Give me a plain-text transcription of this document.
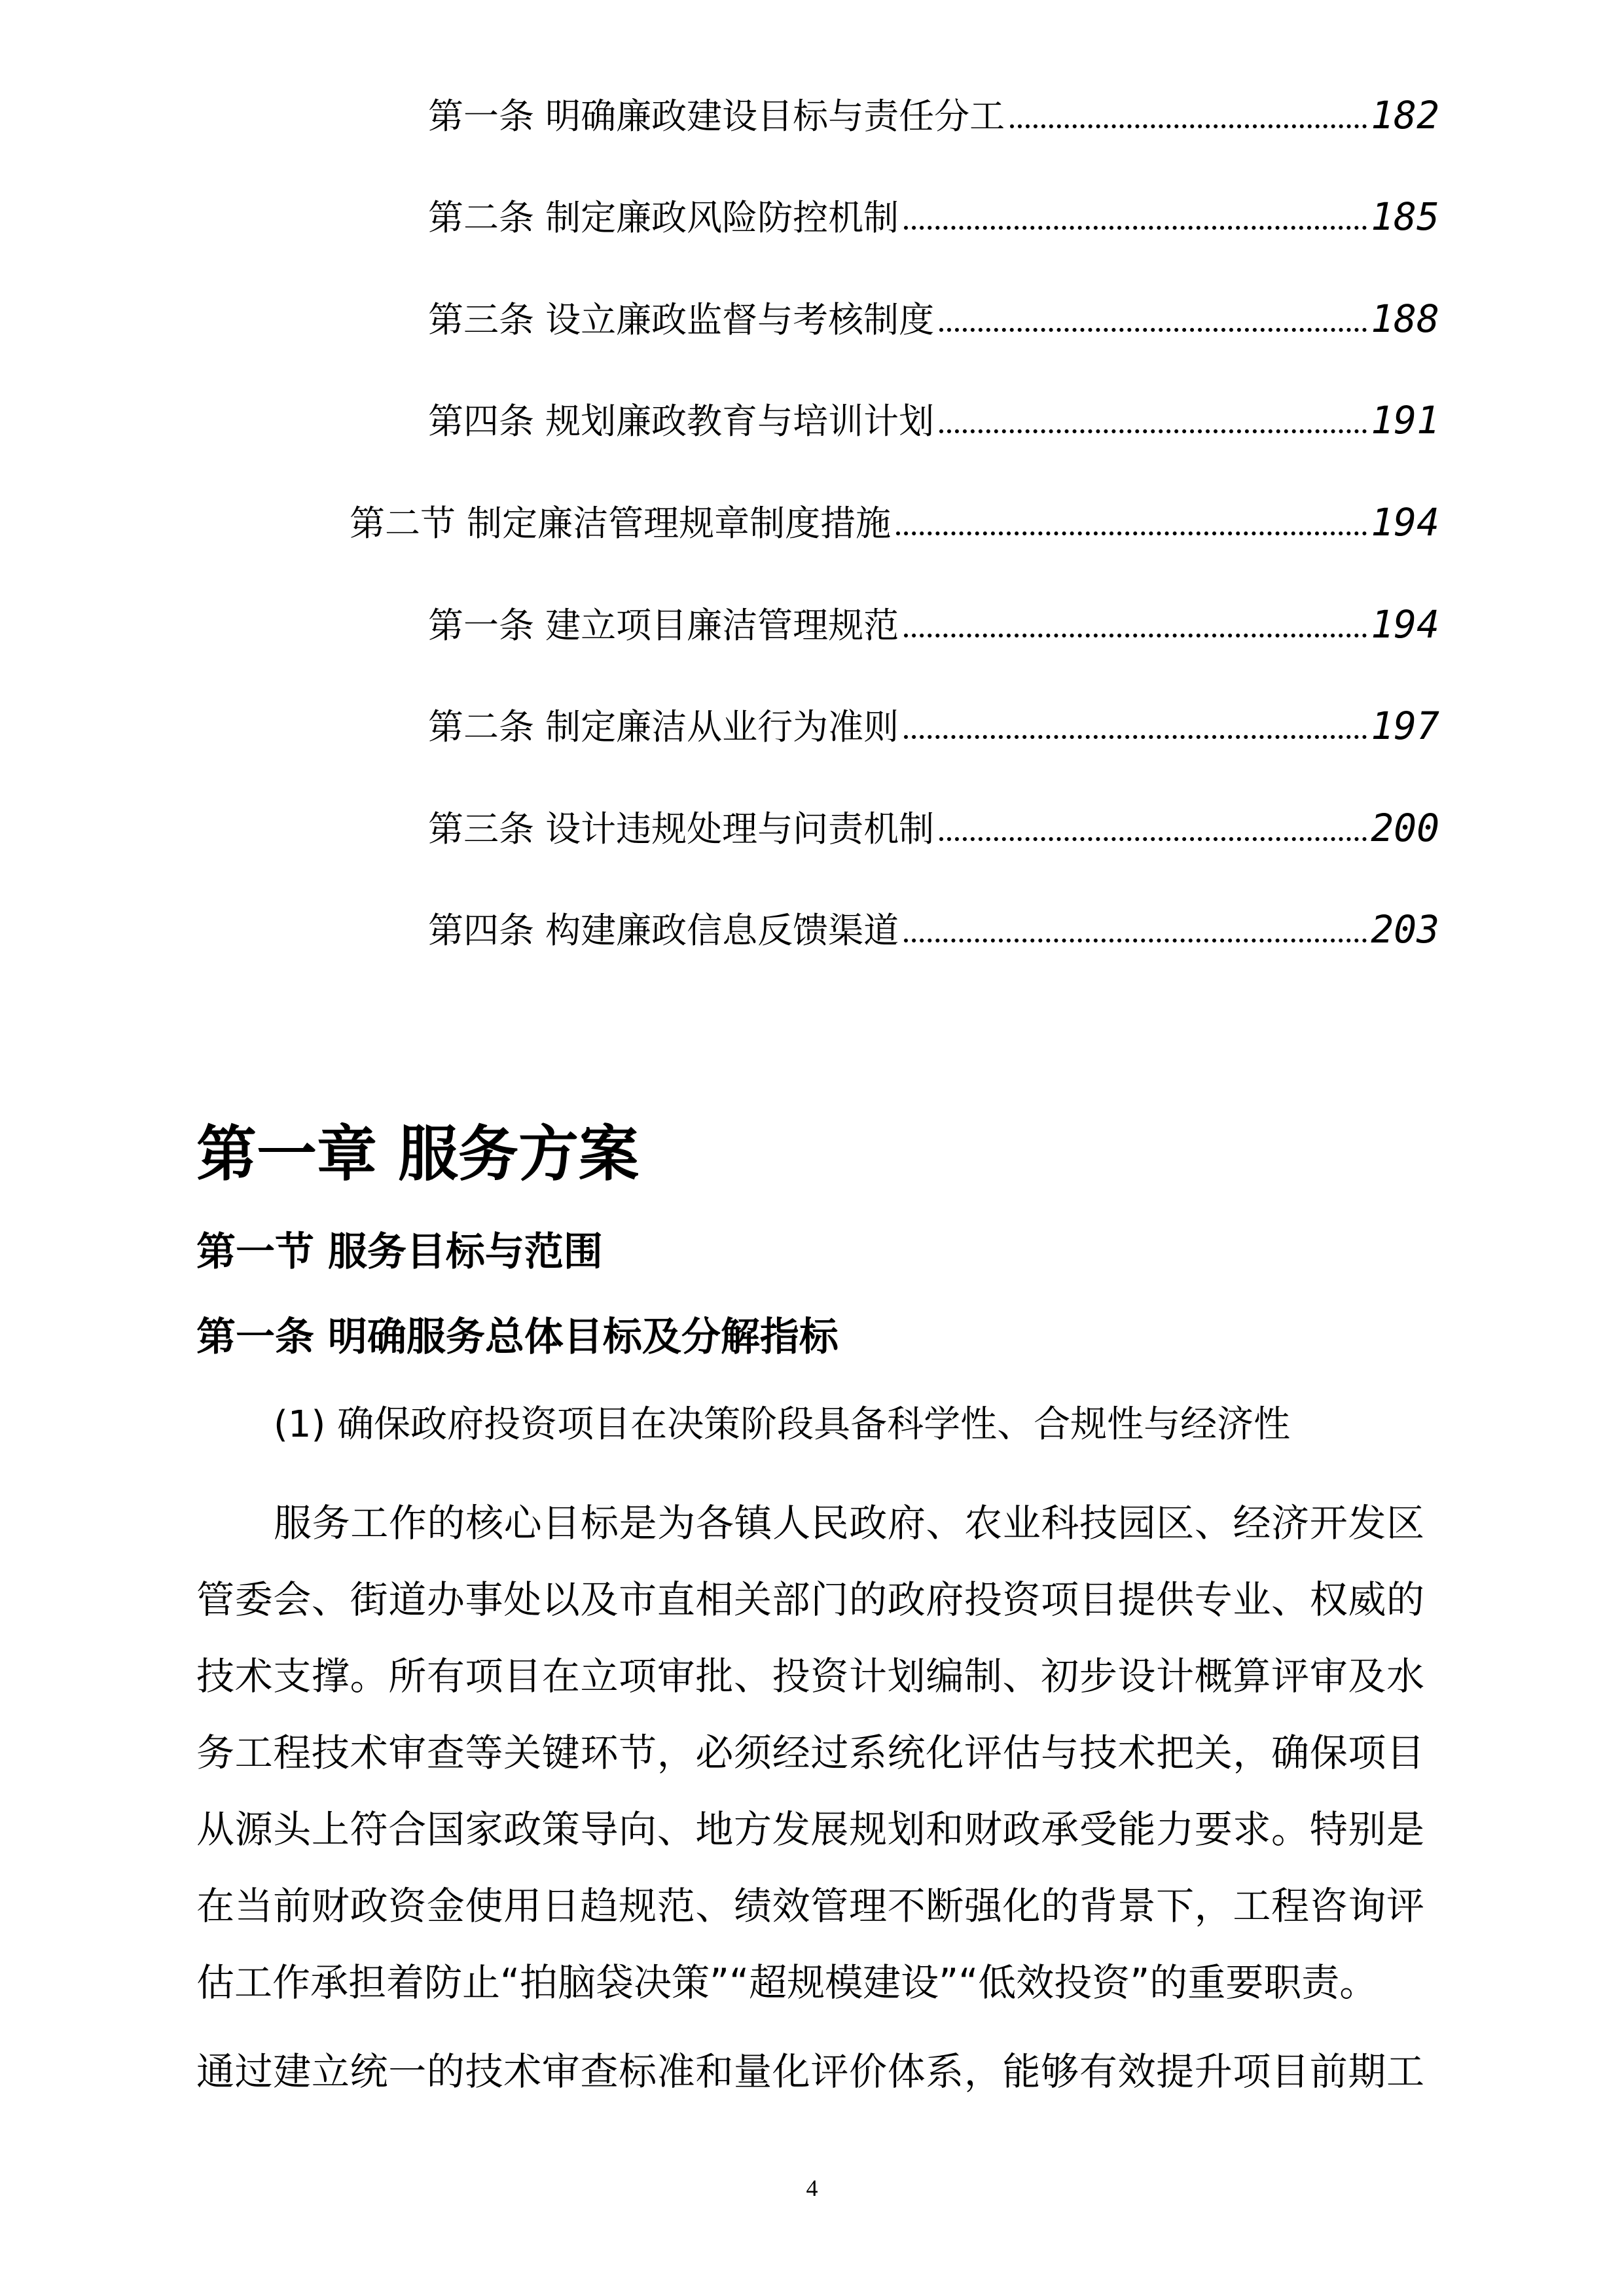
第一条 明确廉政建设目标与责任分工	182
第二条 制定廉政风险防控机制	185
第三条 设立廉政监督与考核制度	188
第四条 规划廉政教育与培训计划	191
第二节 制定廉洁管理规章制度措施	194
第一条 建立项目廉洁管理规范	194
第二条 制定廉洁从业行为准则	197
第三条 设计违规处理与问责机制	200
第四条 构建廉政信息反馈渠道	203
第一章 服务方案
第一节 服务目标与范围
第一条 明确服务总体目标及分解指标
(1) 确保政府投资项目在决策阶段具备科学性、合规性与经济性
服务工作的核心目标是为各镇人民政府、农业科技园区、经济开发区
管委会、街道办事处以及市直相关部门的政府投资项目提供专业、权威的
技术支撑。所有项目在立项审批、投资计划编制、初步设计概算评审及水
务工程技术审查等关键环节，必须经过系统化评估与技术把关，确保项目
从源头上符合国家政策导向、地方发展规划和财政承受能力要求。特别是
在当前财政资金使用日趋规范、绩效管理不断强化的背景下，工程咨询评
估工作承担着防止“拍脑袋决策”“超规模建设”“低效投资”的重要职责。
通过建立统一的技术审查标准和量化评价体系，能够有效提升项目前期工
4
